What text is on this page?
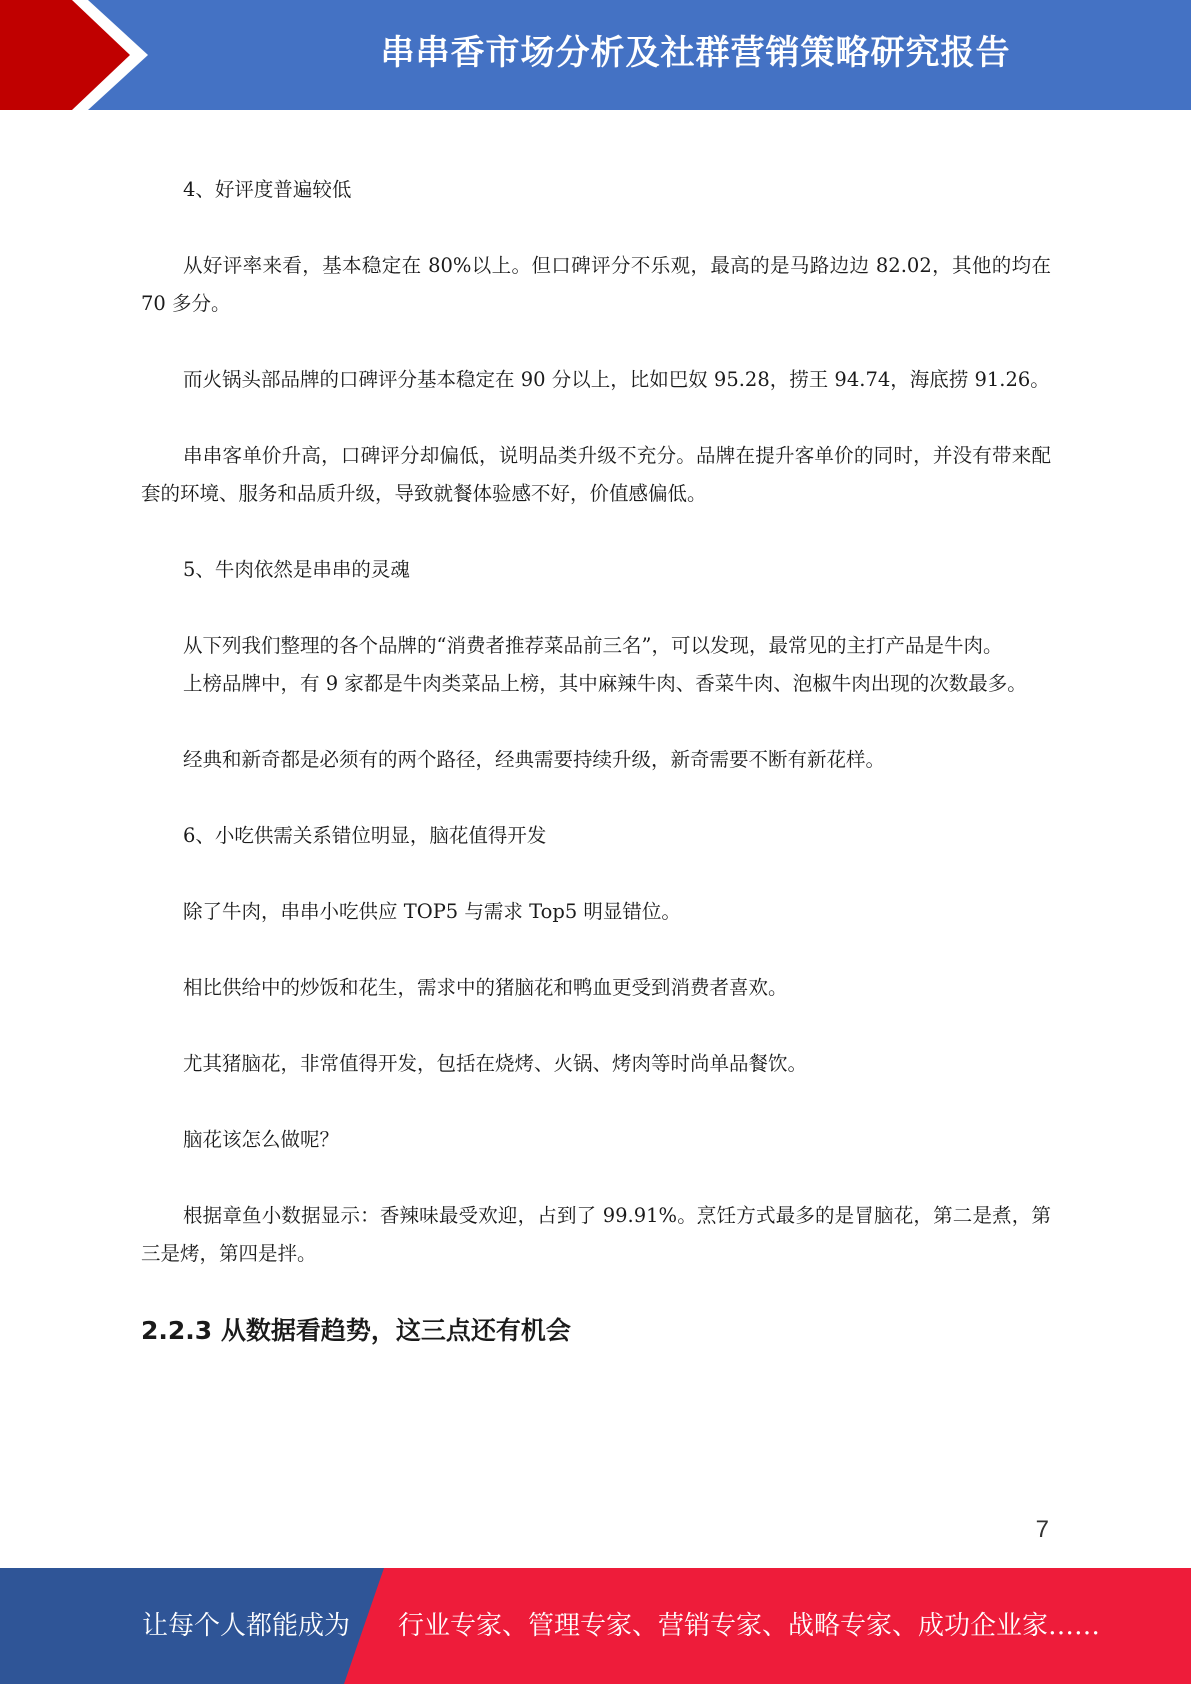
串串香市场分析及社群营销策略研究报告

4、好评度普遍较低

从好评率来看，基本稳定在 80%以上。但口碑评分不乐观，最高的是马路边边 82.02，其他的均在 70 多分。

而火锅头部品牌的口碑评分基本稳定在 90 分以上，比如巴奴 95.28，捞王 94.74，海底捞 91.26。

串串客单价升高，口碑评分却偏低，说明品类升级不充分。品牌在提升客单价的同时，并没有带来配套的环境、服务和品质升级，导致就餐体验感不好，价值感偏低。

5、牛肉依然是串串的灵魂

从下列我们整理的各个品牌的“消费者推荐菜品前三名”，可以发现，最常见的主打产品是牛肉。

上榜品牌中，有 9 家都是牛肉类菜品上榜，其中麻辣牛肉、香菜牛肉、泡椒牛肉出现的次数最多。

经典和新奇都是必须有的两个路径，经典需要持续升级，新奇需要不断有新花样。

6、小吃供需关系错位明显，脑花值得开发

除了牛肉，串串小吃供应 TOP5 与需求 Top5 明显错位。

相比供给中的炒饭和花生，需求中的猪脑花和鸭血更受到消费者喜欢。

尤其猪脑花，非常值得开发，包括在烧烤、火锅、烤肉等时尚单品餐饮。

脑花该怎么做呢？

根据章鱼小数据显示：香辣味最受欢迎，占到了 99.91%。烹饪方式最多的是冒脑花，第二是煮，第三是烤，第四是拌。

2.2.3 从数据看趋势，这三点还有机会
7
让每个人都能成为 行业专家、管理专家、营销专家、战略专家、成功企业家……
